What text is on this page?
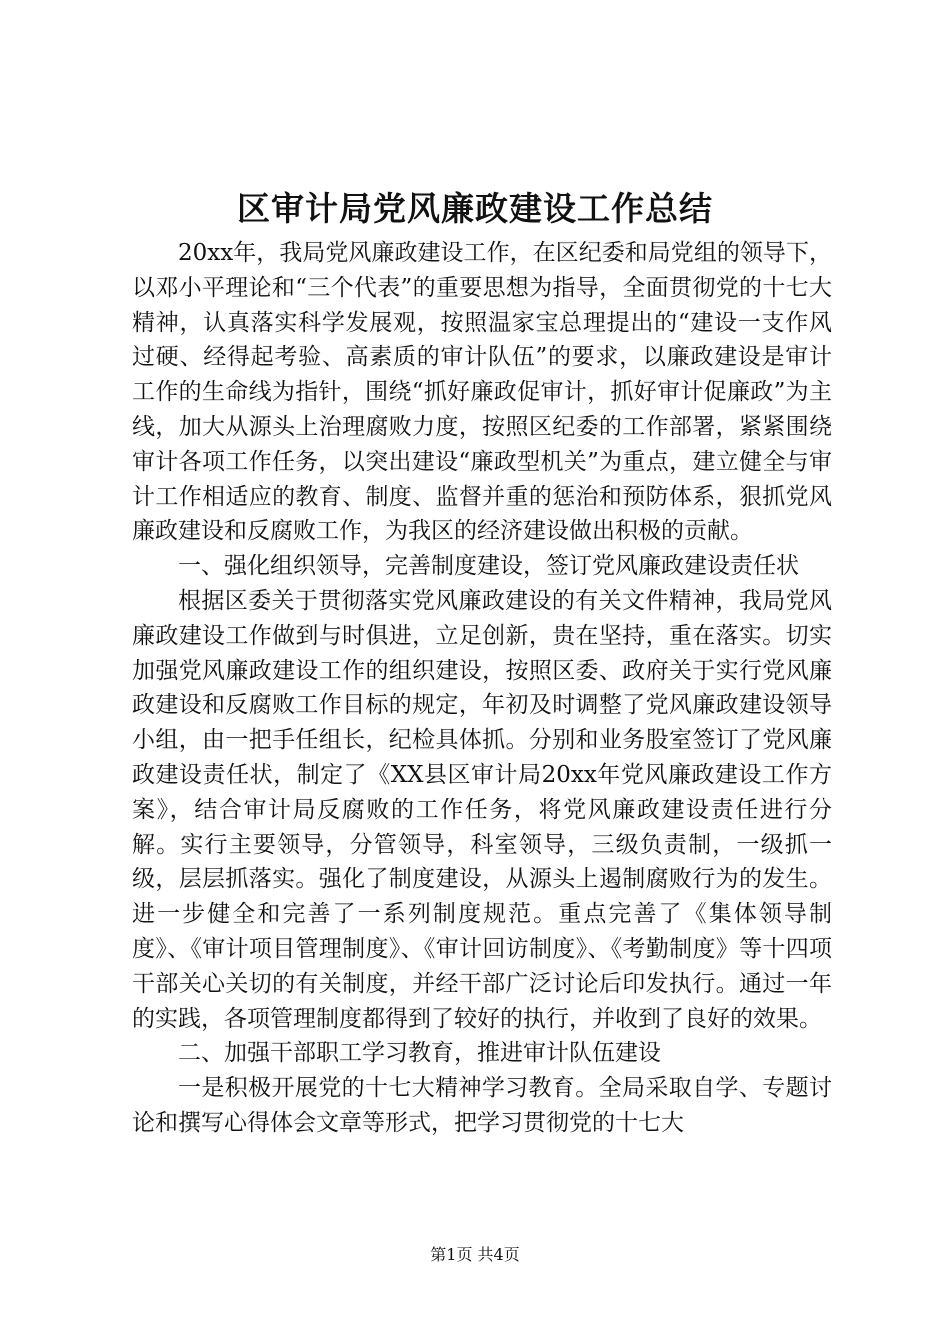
区审计局党风廉政建设工作总结

20xx年，我局党风廉政建设工作，在区纪委和局党组的领导下，以邓小平理论和“三个代表”的重要思想为指导，全面贯彻党的十七大精神，认真落实科学发展观，按照温家宝总理提出的“建设一支作风过硬、经得起考验、高素质的审计队伍”的要求，以廉政建设是审计工作的生命线为指针，围绕“抓好廉政促审计，抓好审计促廉政”为主线，加大从源头上治理腐败力度，按照区纪委的工作部署，紧紧围绕审计各项工作任务，以突出建设“廉政型机关”为重点，建立健全与审计工作相适应的教育、制度、监督并重的惩治和预防体系，狠抓党风廉政建设和反腐败工作，为我区的经济建设做出积极的贡献。

一、强化组织领导，完善制度建设，签订党风廉政建设责任状

根据区委关于贯彻落实党风廉政建设的有关文件精神，我局党风廉政建设工作做到与时俱进，立足创新，贵在坚持，重在落实。切实加强党风廉政建设工作的组织建设，按照区委、政府关于实行党风廉政建设和反腐败工作目标的规定，年初及时调整了党风廉政建设领导小组，由一把手任组长，纪检具体抓。分别和业务股室签订了党风廉政建设责任状，制定了《XX县区审计局20xx年党风廉政建设工作方案》，结合审计局反腐败的工作任务，将党风廉政建设责任进行分解。实行主要领导，分管领导，科室领导，三级负责制，一级抓一级，层层抓落实。强化了制度建设，从源头上遏制腐败行为的发生。进一步健全和完善了一系列制度规范。重点完善了《集体领导制度》、《审计项目管理制度》、《审计回访制度》、《考勤制度》等十四项干部关心关切的有关制度，并经干部广泛讨论后印发执行。通过一年的实践，各项管理制度都得到了较好的执行，并收到了良好的效果。

二、加强干部职工学习教育，推进审计队伍建设

一是积极开展党的十七大精神学习教育。全局采取自学、专题讨论和撰写心得体会文章等形式，把学习贯彻党的十七大

第1页 共4页
